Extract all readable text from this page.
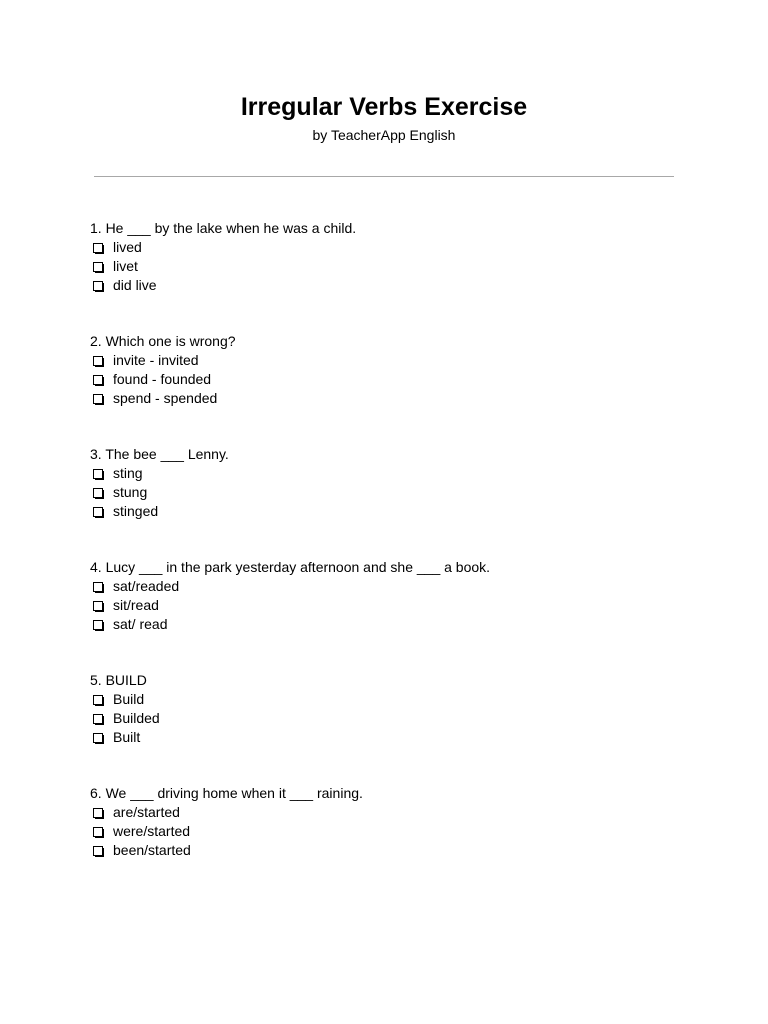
Irregular Verbs Exercise
by TeacherApp English
1. He ___ by the lake when he was a child.
lived
livet
did live
2. Which one is wrong?
invite - invited
found - founded
spend - spended
3. The bee ___ Lenny.
sting
stung
stinged
4. Lucy ___ in the park yesterday afternoon and she ___ a book.
sat/readed
sit/read
sat/ read
5. BUILD
Build
Builded
Built
6. We ___ driving home when it ___ raining.
are/started
were/started
been/started
